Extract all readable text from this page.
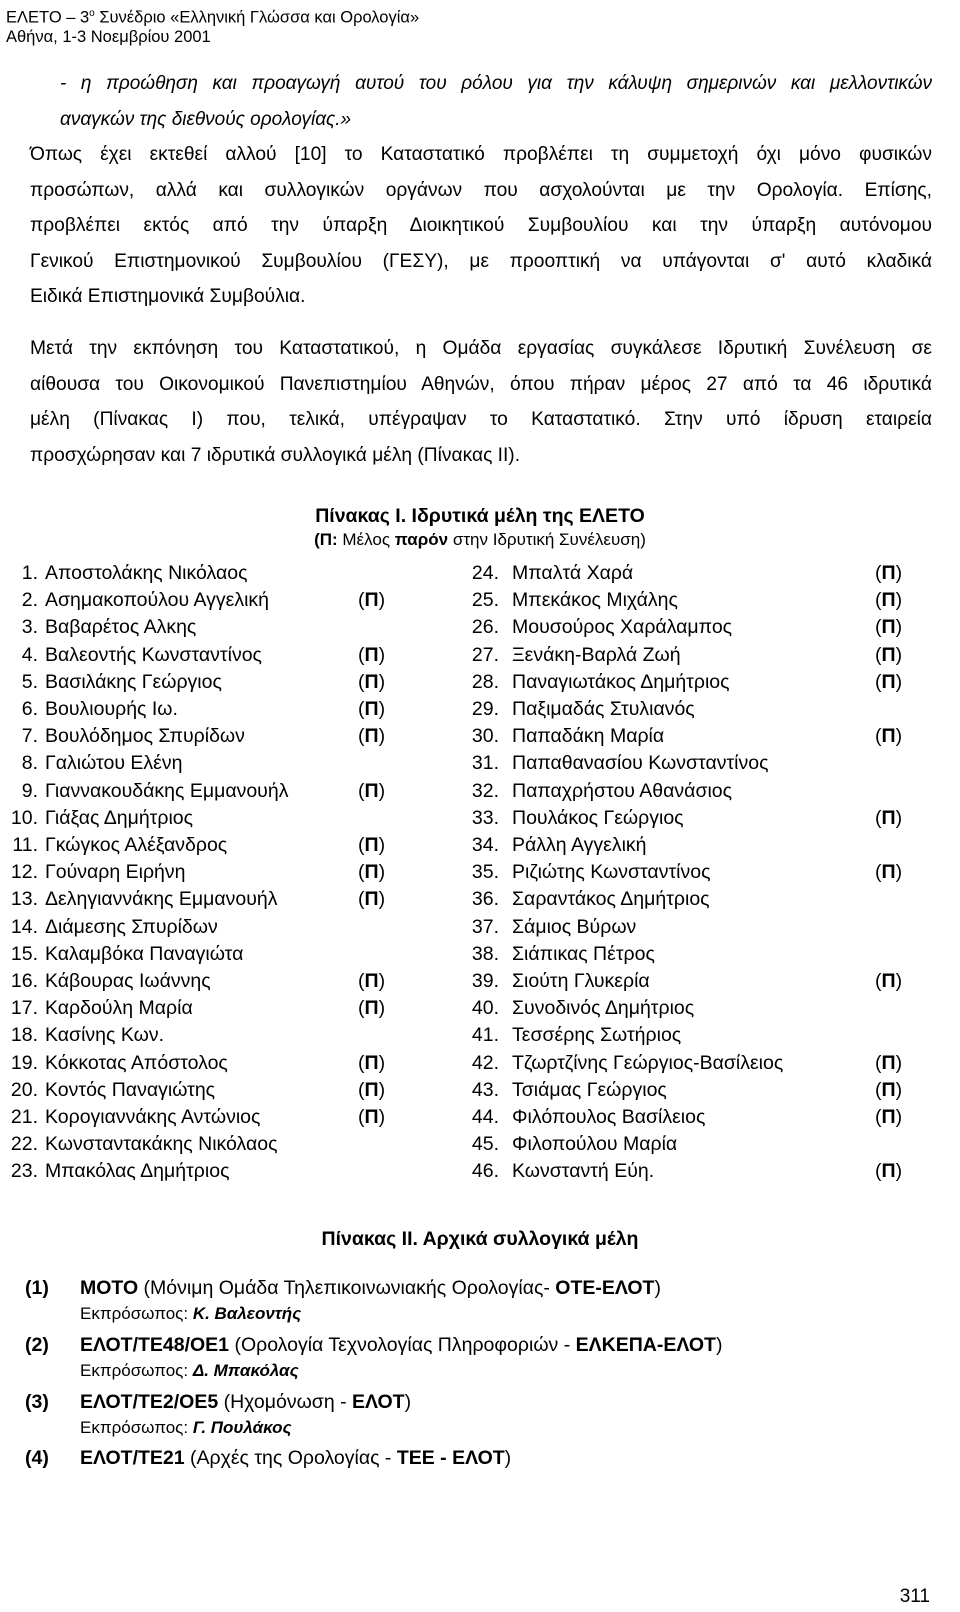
ΕΛΕΤΟ – $3^o$ Συνέδριο «Ελληνική Γλώσσα και Ορολογία»
Αθήνα, 1-3 Νοεμβρίου 2001
- η προώθηση και προαγωγή αυτού του ρόλου για την κάλυψη σημερινών και μελλοντικών
αναγκών της διεθνούς ορολογίας.»
Όπως έχει εκτεθεί αλλού [10] το Καταστατικό προβλέπει τη συμμετοχή όχι μόνο φυσικών
προσώπων, αλλά και συλλογικών οργάνων που ασχολούνται με την Ορολογία. Επίσης,
προβλέπει εκτός από την ύπαρξη Διοικητικού Συμβουλίου και την ύπαρξη αυτόνομου
Γενικού Επιστημονικού Συμβουλίου (ΓΕΣΥ), με προοπτική να υπάγονται σ' αυτό κλαδικά
Ειδικά Επιστημονικά Συμβούλια.
Μετά την εκπόνηση του Καταστατικού, η Ομάδα εργασίας συγκάλεσε Ιδρυτική Συνέλευση σε
αίθουσα του Οικονομικού Πανεπιστημίου Αθηνών, όπου πήραν μέρος 27 από τα 46 ιδρυτικά
μέλη (Πίνακας Ι) που, τελικά, υπέγραψαν το Καταστατικό. Στην υπό ίδρυση εταιρεία
προσχώρησαν και 7 ιδρυτικά συλλογικά μέλη (Πίνακας ΙΙ).
Πίνακας Ι. Ιδρυτικά μέλη της ΕΛΕΤΟ
(Π: Μέλος παρόν στην Ιδρυτική Συνέλευση)
1. Αποστολάκης Νικόλαος
2. Ασημακοπούλου Αγγελική	(Π)
3. Βαβαρέτος Αλκης
4. Βαλεοντής Κωνσταντίνος	(Π)
5. Βασιλάκης Γεώργιος	(Π)
6. Βουλιουρής Ιω.	(Π)
7. Βουλόδημος Σπυρίδων	(Π)
8. Γαλιώτου Ελένη
9. Γιαννακουδάκης Εμμανουήλ	(Π)
10. Γιάξας Δημήτριος
11. Γκώγκος Αλέξανδρος	(Π)
12. Γούναρη Ειρήνη	(Π)
13. Δεληγιαννάκης Εμμανουήλ	(Π)
14. Διάμεσης Σπυρίδων
15. Καλαμβόκα Παναγιώτα
16. Κάβουρας Ιωάννης	(Π)
17. Καρδούλη Μαρία	(Π)
18. Κασίνης Κων.
19. Κόκκοτας Απόστολος	(Π)
20. Κοντός Παναγιώτης	(Π)
21. Κορογιαννάκης Αντώνιος	(Π)
22. Κωνσταντακάκης Νικόλαος
23. Μπακόλας Δημήτριος
24. Μπαλτά Χαρά	(Π)
25. Μπεκάκος Μιχάλης	(Π)
26. Μουσούρος Χαράλαμπος	(Π)
27. Ξενάκη-Βαρλά Ζωή	(Π)
28. Παναγιωτάκος Δημήτριος	(Π)
29. Παξιμαδάς Στυλιανός
30. Παπαδάκη Μαρία	(Π)
31. Παπαθανασίου Κωνσταντίνος
32. Παπαχρήστου Αθανάσιος
33. Πουλάκος Γεώργιος	(Π)
34. Ράλλη Αγγελική
35. Ριζιώτης Κωνσταντίνος	(Π)
36. Σαραντάκος Δημήτριος
37. Σάμιος Βύρων
38. Σιάπικας Πέτρος
39. Σιούτη Γλυκερία	(Π)
40. Συνοδινός Δημήτριος
41. Τεσσέρης Σωτήριος
42. Τζωρτζίνης Γεώργιος-Βασίλειος	(Π)
43. Τσιάμας Γεώργιος	(Π)
44. Φιλόπουλος Βασίλειος	(Π)
45. Φιλοπούλου Μαρία
46. Κωνσταντή Εύη.	(Π)
Πίνακας ΙΙ. Αρχικά συλλογικά μέλη
(1) ΜΟΤΟ (Μόνιμη Ομάδα Τηλεπικοινωνιακής Ορολογίας- ΟΤΕ-ΕΛΟΤ)
Εκπρόσωπος: Κ. Βαλεοντής
(2) ΕΛΟΤ/ΤΕ48/ΟΕ1 (Ορολογία Τεχνολογίας Πληροφοριών - ΕΛΚΕΠΑ-ΕΛΟΤ)
Εκπρόσωπος: Δ. Μπακόλας
(3) ΕΛΟΤ/ΤΕ2/ΟΕ5 (Ηχομόνωση - ΕΛΟΤ)
Εκπρόσωπος: Γ. Πουλάκος
(4) ΕΛΟΤ/ΤΕ21 (Αρχές της Ορολογίας - ΤΕΕ - ΕΛΟΤ)
311
